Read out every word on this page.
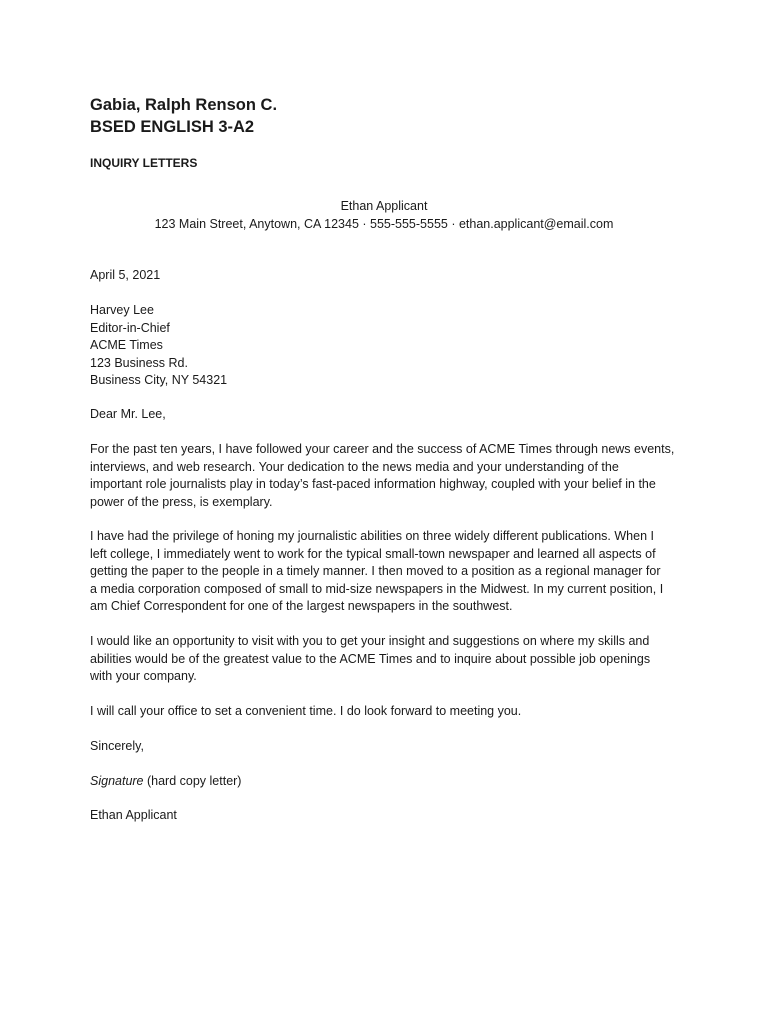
Gabia, Ralph Renson C.
BSED ENGLISH 3-A2
INQUIRY LETTERS
Ethan Applicant
123 Main Street, Anytown, CA 12345 · 555-555-5555 · ethan.applicant@email.com
April 5, 2021
Harvey Lee
Editor-in-Chief
ACME Times
123 Business Rd.
Business City, NY 54321
Dear Mr. Lee,
For the past ten years, I have followed your career and the success of ACME Times through news events,
interviews, and web research. Your dedication to the news media and your understanding of the
important role journalists play in today’s fast-paced information highway, coupled with your belief in the
power of the press, is exemplary.
I have had the privilege of honing my journalistic abilities on three widely different publications. When I
left college, I immediately went to work for the typical small-town newspaper and learned all aspects of
getting the paper to the people in a timely manner. I then moved to a position as a regional manager for
a media corporation composed of small to mid-size newspapers in the Midwest. In my current position, I
am Chief Correspondent for one of the largest newspapers in the southwest.
I would like an opportunity to visit with you to get your insight and suggestions on where my skills and
abilities would be of the greatest value to the ACME Times and to inquire about possible job openings
with your company.
I will call your office to set a convenient time. I do look forward to meeting you.
Sincerely,
Signature (hard copy letter)
Ethan Applicant
